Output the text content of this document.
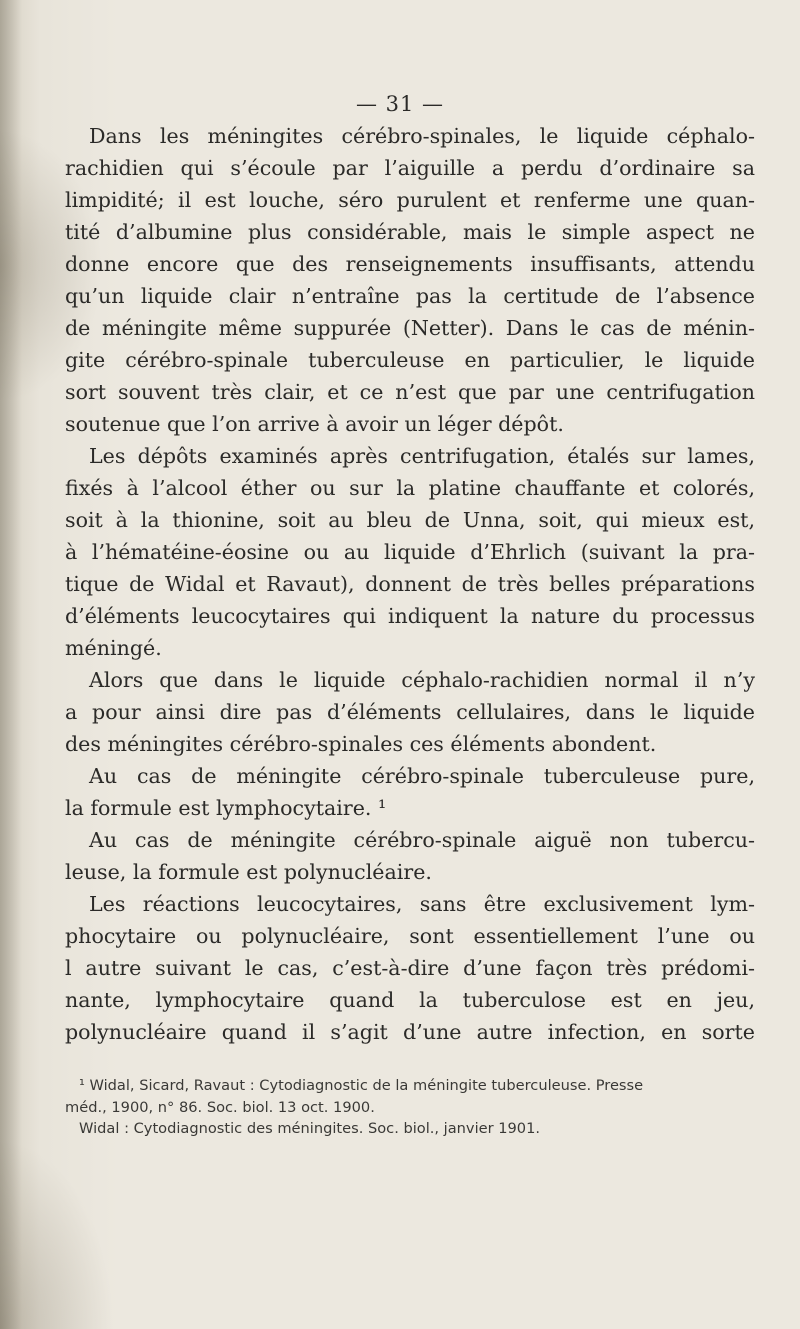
— 31 —
Dans les méningites cérébro-spinales, le liquide céphalo-
rachidien qui s’écoule par l’aiguille a perdu d’ordinaire sa
limpidité; il est louche, séro purulent et renferme une quan-
tité d’albumine plus considérable, mais le simple aspect ne
donne encore que des renseignements insuffisants, attendu
qu’un liquide clair n’entraîne pas la certitude de l’absence
de méningite même suppurée (Netter). Dans le cas de ménin-
gite cérébro-spinale tuberculeuse en particulier, le liquide
sort souvent très clair, et ce n’est que par une centrifugation
soutenue que l’on arrive à avoir un léger dépôt.
Les dépôts examinés après centrifugation, étalés sur lames,
fixés à l’alcool éther ou sur la platine chauffante et colorés,
soit à la thionine, soit au bleu de Unna, soit, qui mieux est,
à l’hématéine-éosine ou au liquide d’Ehrlich (suivant la pra-
tique de Widal et Ravaut), donnent de très belles préparations
d’éléments leucocytaires qui indiquent la nature du processus
méningé.
Alors que dans le liquide céphalo-rachidien normal il n’y
a pour ainsi dire pas d’éléments cellulaires, dans le liquide
des méningites cérébro-spinales ces éléments abondent.
Au cas de méningite cérébro-spinale tuberculeuse pure,
la formule est lymphocytaire. ¹
Au cas de méningite cérébro-spinale aiguë non tubercu-
leuse, la formule est polynucléaire.
Les réactions leucocytaires, sans être exclusivement lym-
phocytaire ou polynucléaire, sont essentiellement l’une ou
l autre suivant le cas, c’est-à-dire d’une façon très prédomi-
nante, lymphocytaire quand la tuberculose est en jeu,
polynucléaire quand il s’agit d’une autre infection, en sorte
¹ Widal, Sicard, Ravaut : Cytodiagnostic de la méningite tuberculeuse. Presse
méd., 1900, n° 86. Soc. biol. 13 oct. 1900.
Widal : Cytodiagnostic des méningites. Soc. biol., janvier 1901.
